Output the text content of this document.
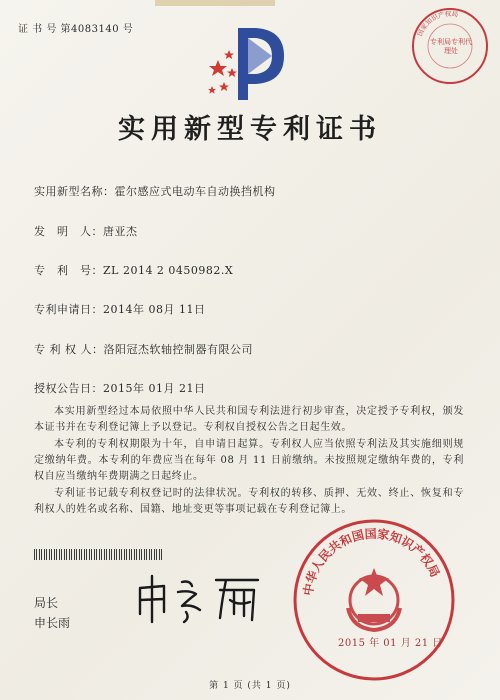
证 书 号 第4083140 号	国家知识产权局
专利局专利代理处
实用新型专利证书
实用新型名称：霍尔感应式电动车自动换挡机构
发　明　人：唐亚杰
专　利　号：ZL 2014 2 0450982.X
专利申请日：2014年 08月 11日
专 利 权 人：洛阳冠杰软轴控制器有限公司
授权公告日：2015年 01月 21日
本实用新型经过本局依照中华人民共和国专利法进行初步审查，决定授予专利权，颁发本证书并在专利登记簿上予以登记。专利权自授权公告之日起生效。
本专利的专利权期限为十年，自申请日起算。专利权人应当依照专利法及其实施细则规定缴纳年费。本专利的年费应当在每年 08 月 11 日前缴纳。未按照规定缴纳年费的，专利权自应当缴纳年费期满之日起终止。
专利证书记载专利权登记时的法律状况。专利权的转移、质押、无效、终止、恢复和专利权人的姓名或名称、国籍、地址变更等事项记载在专利登记簿上。
局长
申长雨
中华人民共和国国家知识产权局
2015 年 01 月 21 日
第 1 页 (共 1 页)
